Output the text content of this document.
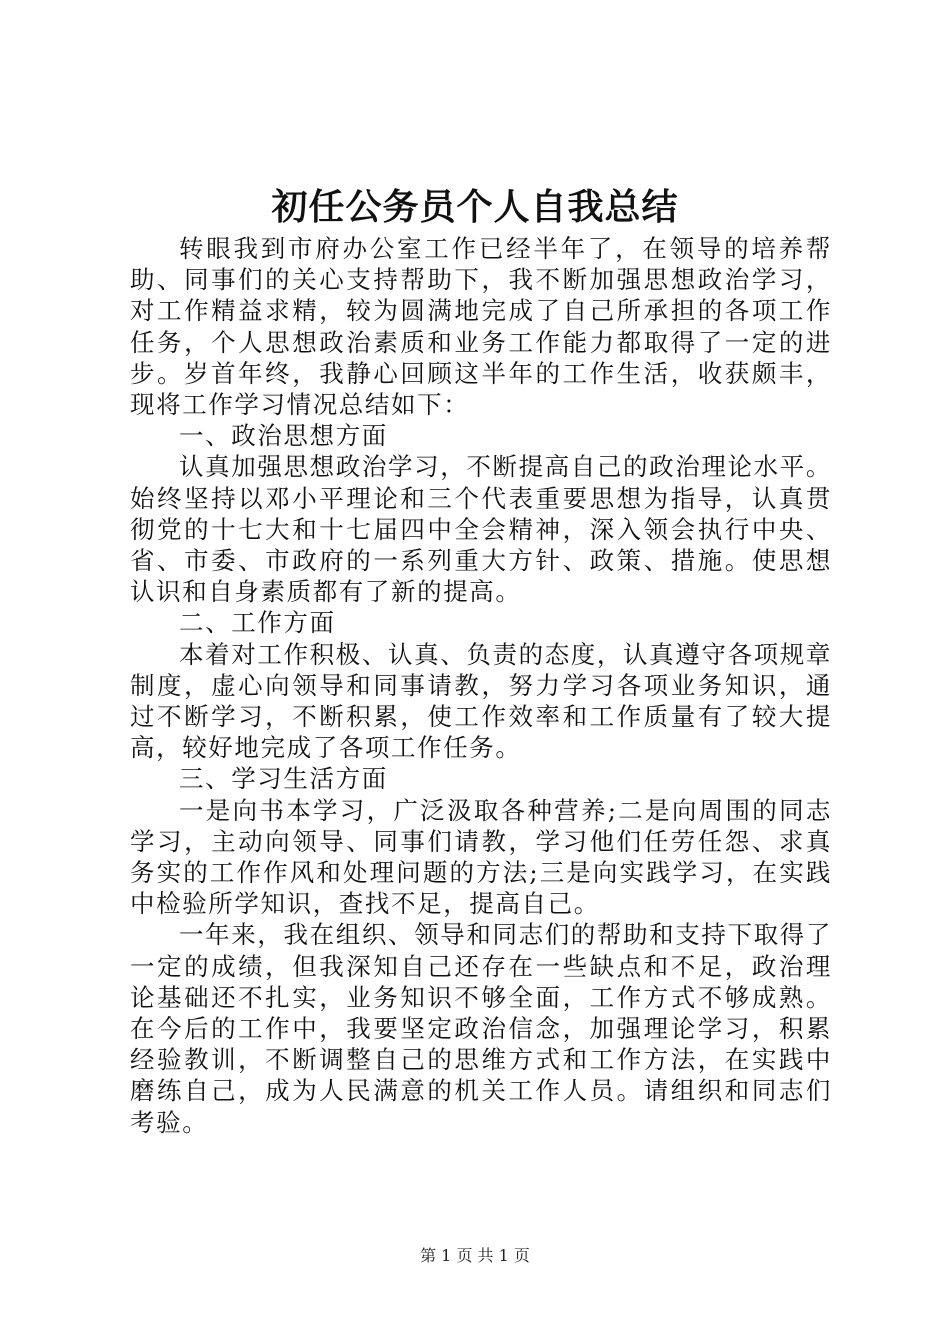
初任公务员个人自我总结

转眼我到市府办公室工作已经半年了，在领导的培养帮助、同事们的关心支持帮助下，我不断加强思想政治学习，对工作精益求精，较为圆满地完成了自己所承担的各项工作任务，个人思想政治素质和业务工作能力都取得了一定的进步。岁首年终，我静心回顾这半年的工作生活，收获颇丰，现将工作学习情况总结如下：

一、政治思想方面

认真加强思想政治学习，不断提高自己的政治理论水平。始终坚持以邓小平理论和三个代表重要思想为指导，认真贯彻党的十七大和十七届四中全会精神，深入领会执行中央、省、市委、市政府的一系列重大方针、政策、措施。使思想认识和自身素质都有了新的提高。

二、工作方面

本着对工作积极、认真、负责的态度，认真遵守各项规章制度，虚心向领导和同事请教，努力学习各项业务知识，通过不断学习，不断积累，使工作效率和工作质量有了较大提高，较好地完成了各项工作任务。

三、学习生活方面

一是向书本学习，广泛汲取各种营养;二是向周围的同志学习，主动向领导、同事们请教，学习他们任劳任怨、求真务实的工作作风和处理问题的方法;三是向实践学习，在实践中检验所学知识，查找不足，提高自己。

一年来，我在组织、领导和同志们的帮助和支持下取得了一定的成绩，但我深知自己还存在一些缺点和不足，政治理论基础还不扎实，业务知识不够全面，工作方式不够成熟。在今后的工作中，我要坚定政治信念，加强理论学习，积累经验教训，不断调整自己的思维方式和工作方法，在实践中磨练自己，成为人民满意的机关工作人员。请组织和同志们考验。

第 1 页 共 1 页
